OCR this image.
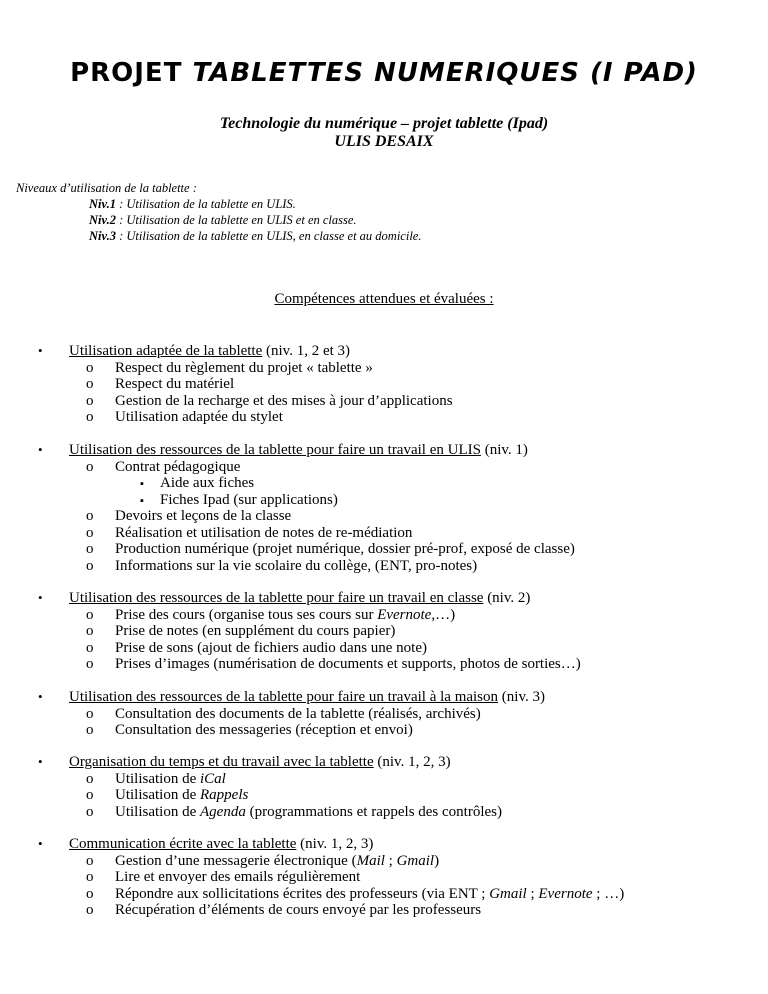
PROJET TABLETTES NUMERIQUES (I PAD)
Technologie du numérique – projet tablette (Ipad)
ULIS DESAIX
Niveaux d’utilisation de la tablette :
Niv.1 : Utilisation de la tablette en ULIS.
Niv.2 : Utilisation de la tablette en ULIS et en classe.
Niv.3 : Utilisation de la tablette en ULIS, en classe et au domicile.
Compétences attendues et évaluées :
• Utilisation adaptée de la tablette (niv. 1, 2 et 3)
o Respect du règlement du projet « tablette »
o Respect du matériel
o Gestion de la recharge et des mises à jour d’applications
o Utilisation adaptée du stylet
• Utilisation des ressources de la tablette pour faire un travail en ULIS (niv. 1)
o Contrat pédagogique
▪ Aide aux fiches
▪ Fiches Ipad (sur applications)
o Devoirs et leçons de la classe
o Réalisation et utilisation de notes de re-médiation
o Production numérique (projet numérique, dossier pré-prof, exposé de classe)
o Informations sur la vie scolaire du collège, (ENT, pro-notes)
• Utilisation des ressources de la tablette pour faire un travail en classe (niv. 2)
o Prise des cours (organise tous ses cours sur Evernote,…)
o Prise de notes (en supplément du cours papier)
o Prise de sons (ajout de fichiers audio dans une note)
o Prises d’images (numérisation de documents et supports, photos de sorties…)
• Utilisation des ressources de la tablette pour faire un travail à la maison (niv. 3)
o Consultation des documents de la tablette (réalisés, archivés)
o Consultation des messageries (réception et envoi)
• Organisation du temps et du travail avec la tablette (niv. 1, 2, 3)
o Utilisation de iCal
o Utilisation de Rappels
o Utilisation de Agenda (programmations et rappels des contrôles)
• Communication écrite avec la tablette (niv. 1, 2, 3)
o Gestion d’une messagerie électronique (Mail ; Gmail)
o Lire et envoyer des emails régulièrement
o Répondre aux sollicitations écrites des professeurs (via ENT ; Gmail ; Evernote ; …)
o Récupération d’éléments de cours envoyé par les professeurs
